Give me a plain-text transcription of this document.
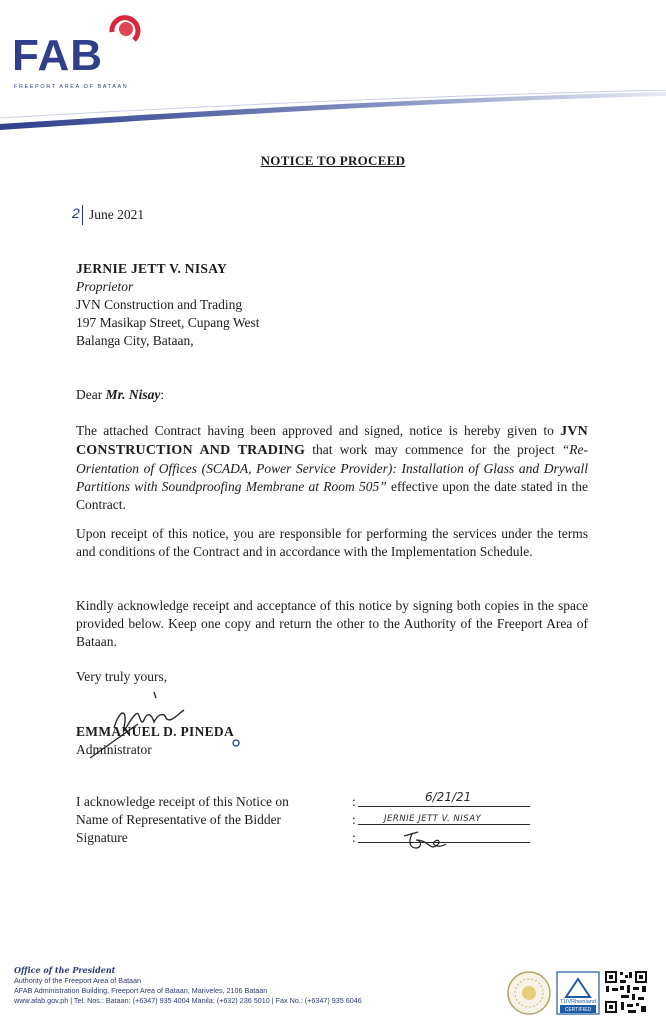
FAB
FREEPORT AREA OF BATAAN
NOTICE TO PROCEED
2 June 2021
JERNIE JETT V. NISAY
Proprietor
JVN Construction and Trading
197 Masikap Street, Cupang West
Balanga City, Bataan,
Dear Mr. Nisay:
The attached Contract having been approved and signed, notice is hereby given to JVN CONSTRUCTION AND TRADING that work may commence for the project “Re-Orientation of Offices (SCADA, Power Service Provider): Installation of Glass and Drywall Partitions with Soundproofing Membrane at Room 505” effective upon the date stated in the Contract.
Upon receipt of this notice, you are responsible for performing the services under the terms and conditions of the Contract and in accordance with the Implementation Schedule.
Kindly acknowledge receipt and acceptance of this notice by signing both copies in the space provided below. Keep one copy and return the other to the Authority of the Freeport Area of Bataan.
Very truly yours,
EMMANUEL D. PINEDA
Administrator
I acknowledge receipt of this Notice on
Name of Representative of the Bidder
Signature
:
:
:
6/21/21
JERNIE JETT V. NISAY
Office of the President
Authority of the Freeport Area of Bataan
AFAB Administration Building, Freeport Area of Bataan, Mariveles, 2106 Bataan
www.afab.gov.ph | Tel. Nos.: Bataan: (+6347) 935 4004 Manila: (+632) 236 5010 | Fax No.: (+6347) 935 6046	TÜVRheinland
CERTIFIED
